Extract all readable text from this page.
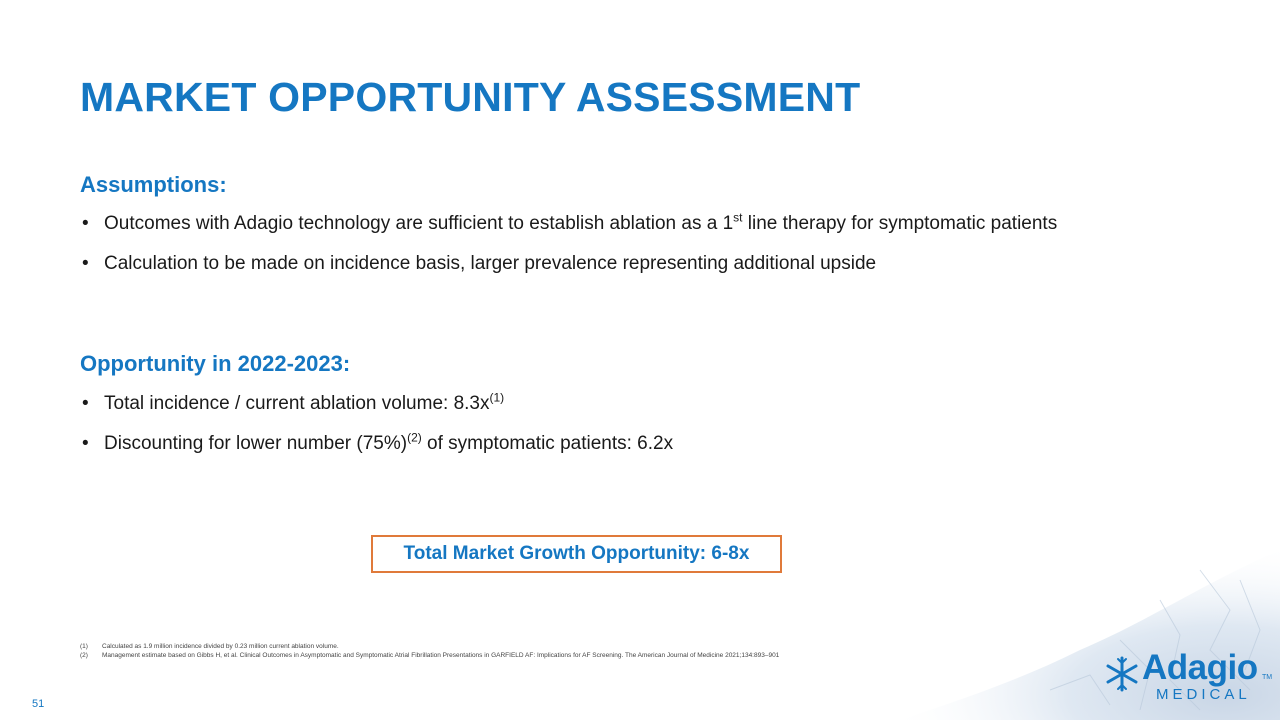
MARKET OPPORTUNITY ASSESSMENT
Assumptions:
• Outcomes with Adagio technology are sufficient to establish ablation as a 1st line therapy for symptomatic patients
• Calculation to be made on incidence basis, larger prevalence representing additional upside
Opportunity in 2022-2023:
• Total incidence / current ablation volume: $8.3x^{(1)}$
• Discounting for lower number $(75\%)^{(2)}$ of symptomatic patients: 6.2x
Total Market Growth Opportunity: 6-8x
(1)	Calculated as 1.9 million incidence divided by 0.23 million current ablation volume.
(2)	Management estimate based on Gibbs H, et al. Clinical Outcomes in Asymptomatic and Symptomatic Atrial Fibrillation Presentations in GARFIELD AF: Implications for AF Screening. The American Journal of Medicine 2021;134:893–901
51
Adagio TM
MEDICAL
